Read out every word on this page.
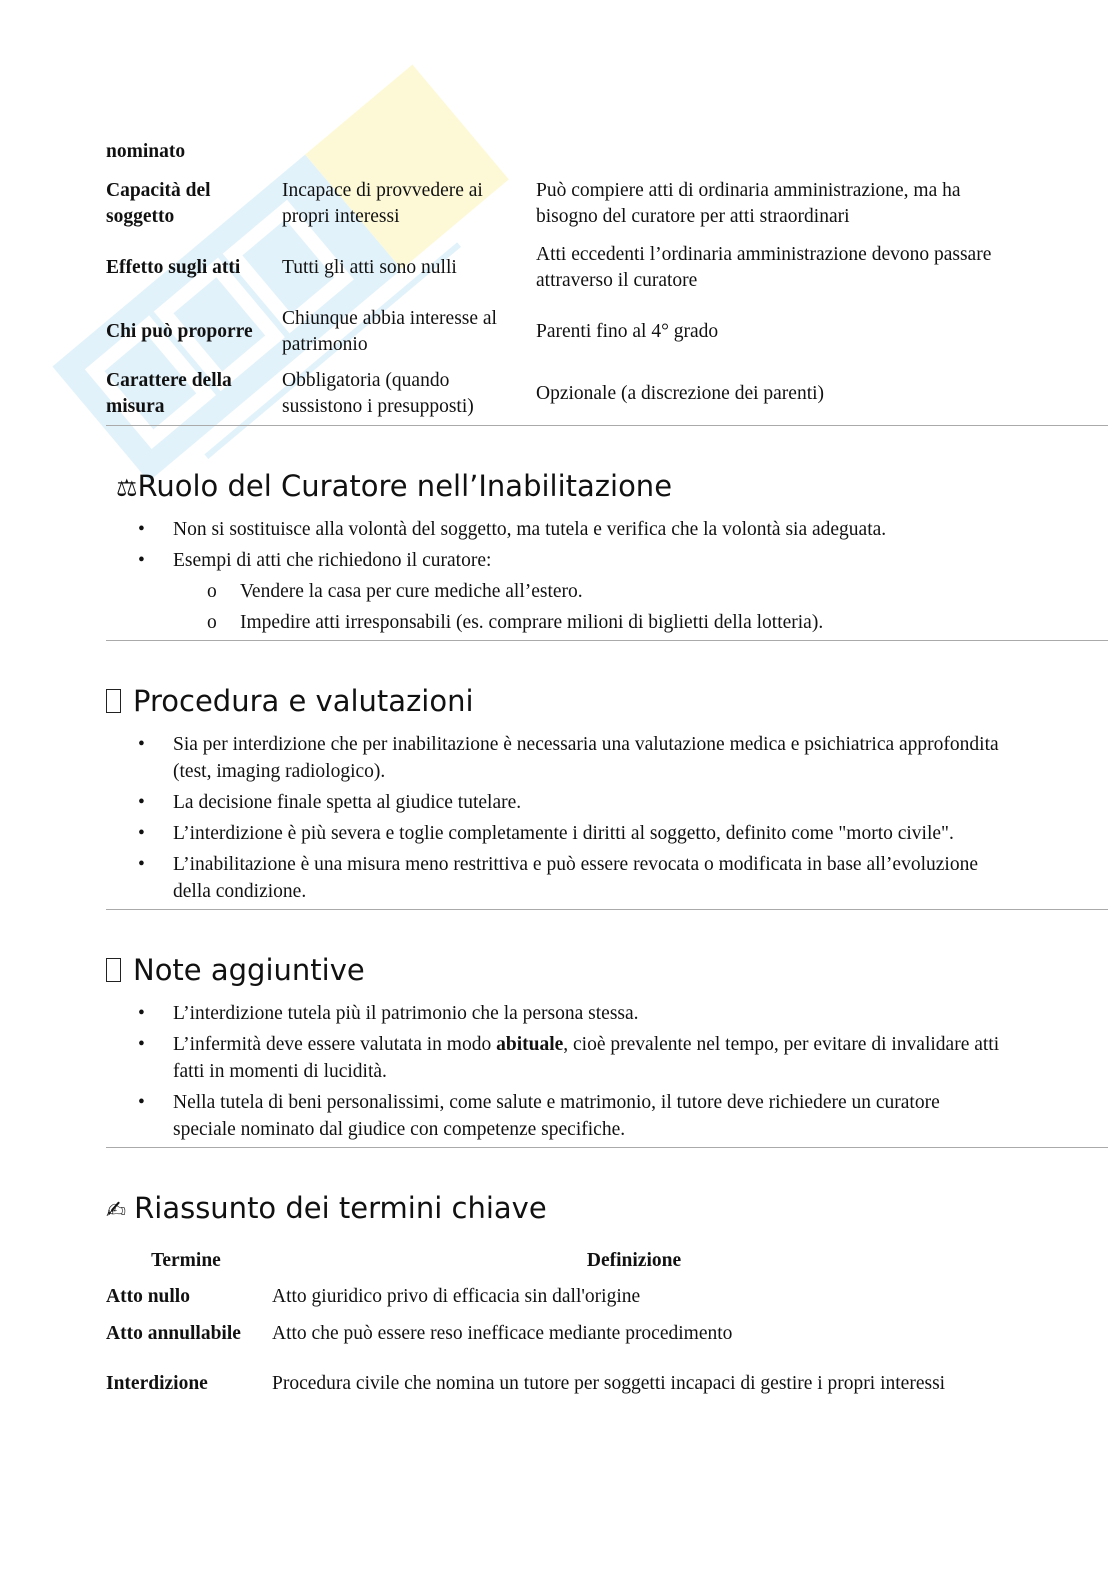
nominato
Capacità del soggetto	Incapace di provvedere ai propri interessi	Può compiere atti di ordinaria amministrazione, ma ha bisogno del curatore per atti straordinari
Effetto sugli atti	Tutti gli atti sono nulli	Atti eccedenti l’ordinaria amministrazione devono passare attraverso il curatore
Chi può proporre	Chiunque abbia interesse al patrimonio	Parenti fino al 4° grado
Carattere della misura	Obbligatoria (quando sussistono i presupposti)	Opzionale (a discrezione dei parenti)
⚖Ruolo del Curatore nell’Inabilitazione
• Non si sostituisce alla volontà del soggetto, ma tutela e verifica che la volontà sia adeguata.
• Esempi di atti che richiedono il curatore:
o Vendere la casa per cure mediche all’estero.
o Impedire atti irresponsabili (es. comprare milioni di biglietti della lotteria).
Procedura e valutazioni
• Sia per interdizione che per inabilitazione è necessaria una valutazione medica e psichiatrica approfondita (test, imaging radiologico).
• La decisione finale spetta al giudice tutelare.
• L’interdizione è più severa e toglie completamente i diritti al soggetto, definito come "morto civile".
• L’inabilitazione è una misura meno restrittiva e può essere revocata o modificata in base all’evoluzione della condizione.
Note aggiuntive
• L’interdizione tutela più il patrimonio che la persona stessa.
• L’infermità deve essere valutata in modo abituale, cioè prevalente nel tempo, per evitare di invalidare atti fatti in momenti di lucidità.
• Nella tutela di beni personalissimi, come salute e matrimonio, il tutore deve richiedere un curatore speciale nominato dal giudice con competenze specifiche.
✍ Riassunto dei termini chiave
Termine	Definizione
Atto nullo	Atto giuridico privo di efficacia sin dall'origine
Atto annullabile	Atto che può essere reso inefficace mediante procedimento
Interdizione	Procedura civile che nomina un tutore per soggetti incapaci di gestire i propri interessi
